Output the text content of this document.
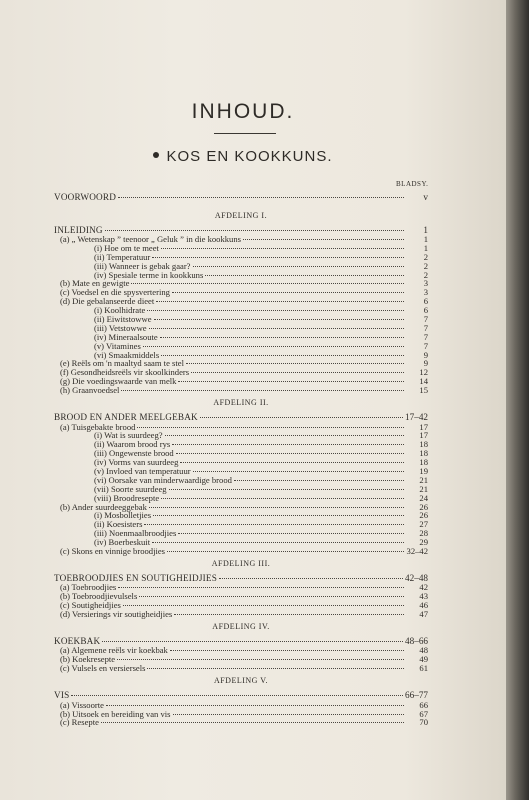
INHOUD.
KOS EN KOOKKUNS.
BLADSY.
VOORWOORD	v
AFDELING I.
INLEIDING	1
(a) „ Wetenskap ” teenoor „ Geluk ” in die kookkuns	1
(i) Hoe om te meet	1
(ii) Temperatuur	2
(iii) Wanneer is gebak gaar?	2
(iv) Spesiale terme in kookkuns	2
(b) Mate en gewigte	3
(c) Voedsel en die spysvertering	3
(d) Die gebalanseerde dieet	6
(i) Koolhidrate	6
(ii) Eiwitstowwe	7
(iii) Vetstowwe	7
(iv) Mineraalsoute	7
(v) Vitamines	7
(vi) Smaakmiddels	9
(e) Reëls om 'n maaltyd saam te stel	9
(f) Gesondheidsreëls vir skoolkinders	12
(g) Die voedingswaarde van melk	14
(h) Graanvoedsel	15
AFDELING II.
BROOD EN ANDER MEELGEBAK	17–42
(a) Tuisgebakte brood	17
(i) Wat is suurdeeg?	17
(ii) Waarom brood rys	18
(iii) Ongewenste brood	18
(iv) Vorms van suurdeeg	18
(v) Invloed van temperatuur	19
(vi) Oorsake van minderwaardige brood	21
(vii) Soorte suurdeeg	21
(viii) Broodresepte	24
(b) Ander suurdeeggebak	26
(i) Mosbolletjies	26
(ii) Koesisters	27
(iii) Noenmaalbroodjies	28
(iv) Boerbeskuit	29
(c) Skons en vinnige broodjies	32–42
AFDELING III.
TOEBROODJIES EN SOUTIGHEIDJIES	42–48
(a) Toebroodjies	42
(b) Toebroodjievulsels	43
(c) Soutigheidjies	46
(d) Versierings vir soutigheidjies	47
AFDELING IV.
KOEKBAK	48–66
(a) Algemene reëls vir koekbak	48
(b) Koekresepte	49
(c) Vulsels en versiersels	61
AFDELING V.
VIS	66–77
(a) Vissoorte	66
(b) Uitsoek en bereiding van vis	67
(c) Resepte	70
